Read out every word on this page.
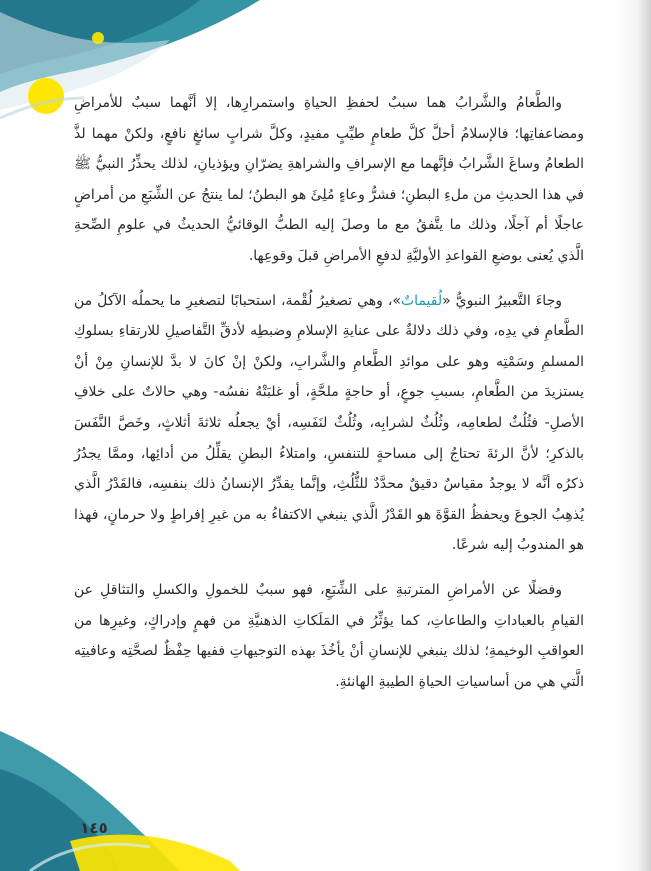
والطَّعامُ والشَّرابُ هما سببٌ لحفظِ الحياةِ واستمرارِها، إلا أنَّهما سببٌ للأمراضِ ومضاعفاتِها؛ فالإسلامُ أحلَّ كلَّ طعامٍ طيِّبٍ مفيدٍ، وكلَّ شرابٍ سائغٍ نافعٍ، ولكنْ مهما لذَّ الطعامُ وساغَ الشَّرابُ فإنَّهما مع الإسرافِ والشراهةِ يضرّانِ ويؤذيانِ، لذلك يحذِّرُ النبيُّ ﷺ في هذا الحديثِ من ملءِ البطنِ؛ فشرُّ وعاءٍ مُلِئَ هو البطنُ؛ لما ينتجُ عن الشِّبَعِ من أمراضٍ عاجلًا أم آجلًا، وذلك ما يتَّفقُ مع ما وصلَ إليه الطبُّ الوقائيُّ الحديثُ في علومِ الصِّحةِ الَّذي يُعنى بوضعِ القواعدِ الأوليَّةِ لدفعِ الأمراضِ قبلَ وقوعِها.

وجاءَ التَّعبيرُ النبويُّ «لُقيماتٌ»، وهي تصغيرُ لُقْمة، استحبابًا لتصغيرِ ما يحملُه الآكلُ من الطَّعامِ في يدِه، وفي ذلك دلالةٌ على عنايةِ الإسلامِ وضبطِه لأدقِّ التَّفاصيلِ للارتقاءِ بسلوكِ المسلمِ وسَمْتِه وهو على موائدِ الطَّعامِ والشَّرابِ، ولكنْ إنْ كانَ لا بدَّ للإنسانِ مِنْ أنْ يستزيدَ من الطَّعامِ، بسببِ جوعٍ، أو حاجةٍ ملحَّةٍ، أو غلبَتْهُ نفسُه- وهي حالاتٌ على خلافِ الأصلِ- فثُلُثٌ لطعامِه، وثُلُثٌ لشرابِه، وثُلُثٌ لنَفَسِه، أيْ يجعلُه ثلاثةَ أثلاثٍ، وخَصَّ النَّفَسَ بالذكرِ؛ لأنَّ الرئةَ تحتاجُ إلى مساحةٍ للتنفسِ، وامتلاءُ البطنِ يقلِّلُ من أدائِها، وممَّا يجدُرُ ذكرُه أنَّه لا يوجدُ مقياسٌ دقيقٌ محدَّدٌ للثُّلُثِ، وإنَّما يقدِّرُ الإنسانُ ذلك بنفسِه، فالقَدْرُ الَّذي يُذهِبُ الجوعَ ويحفظُ القوَّةَ هو القَدْرُ الَّذي ينبغي الاكتفاءُ به من غيرِ إفراطٍ ولا حرمانٍ، فهذا هو المندوبُ إليه شرعًا.

وفضلًا عن الأمراضِ المترتبةِ على الشِّبَعِ، فهو سببٌ للخمولِ والكسلِ والتثاقلِ عن القيامِ بالعباداتِ والطاعاتِ، كما يؤثِّرُ في المَلَكاتِ الذهنيَّةِ من فهمٍ وإدراكٍ، وغيرِها من العواقبِ الوخيمةِ؛ لذلك ينبغي للإنسانِ أنْ يأخُذَ بهذه التوجيهاتِ ففيها حِفْظٌ لصحَّتِه وعافيتِه الَّتي هي من أساسياتِ الحياةِ الطيبةِ الهانئةِ.

١٤٥
